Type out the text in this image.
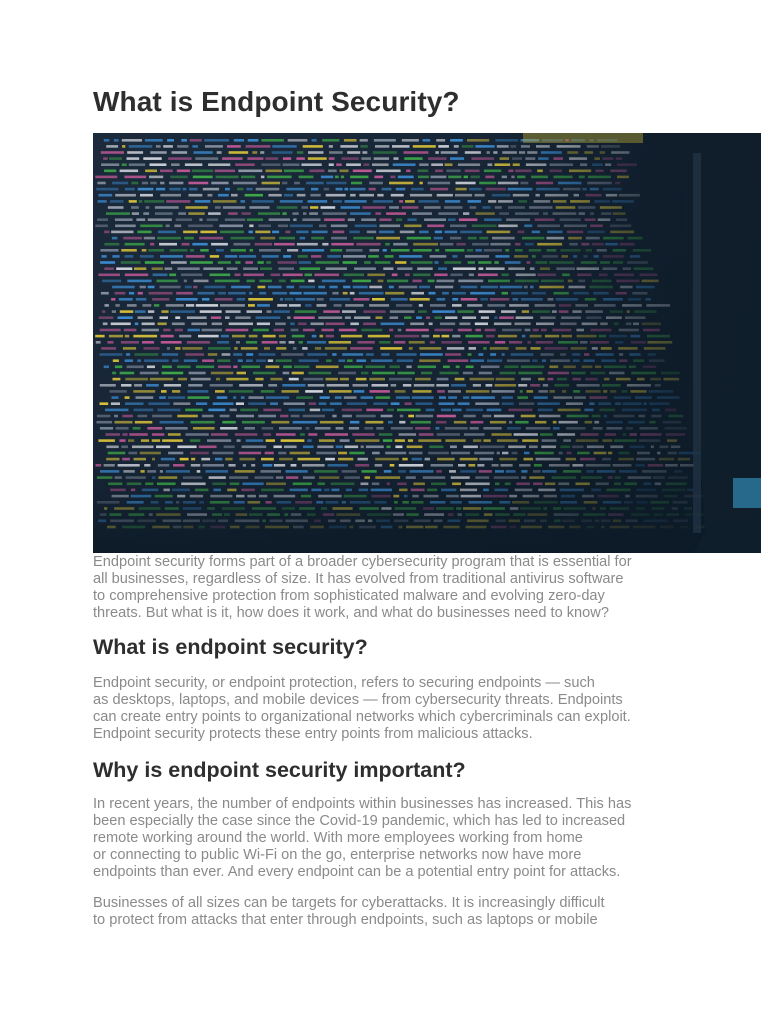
What is Endpoint Security?

Endpoint security forms part of a broader cybersecurity program that is essential for

all businesses, regardless of size. It has evolved from traditional antivirus software

to comprehensive protection from sophisticated malware and evolving zero-day

threats. But what is it, how does it work, and what do businesses need to know?

What is endpoint security?

Endpoint security, or endpoint protection, refers to securing endpoints — such

as desktops, laptops, and mobile devices — from cybersecurity threats. Endpoints

can create entry points to organizational networks which cybercriminals can exploit.

Endpoint security protects these entry points from malicious attacks.

Why is endpoint security important?

In recent years, the number of endpoints within businesses has increased. This has

been especially the case since the Covid-19 pandemic, which has led to increased

remote working around the world. With more employees working from home

or connecting to public Wi-Fi on the go, enterprise networks now have more

endpoints than ever. And every endpoint can be a potential entry point for attacks.

Businesses of all sizes can be targets for cyberattacks. It is increasingly difficult

to protect from attacks that enter through endpoints, such as laptops or mobile
